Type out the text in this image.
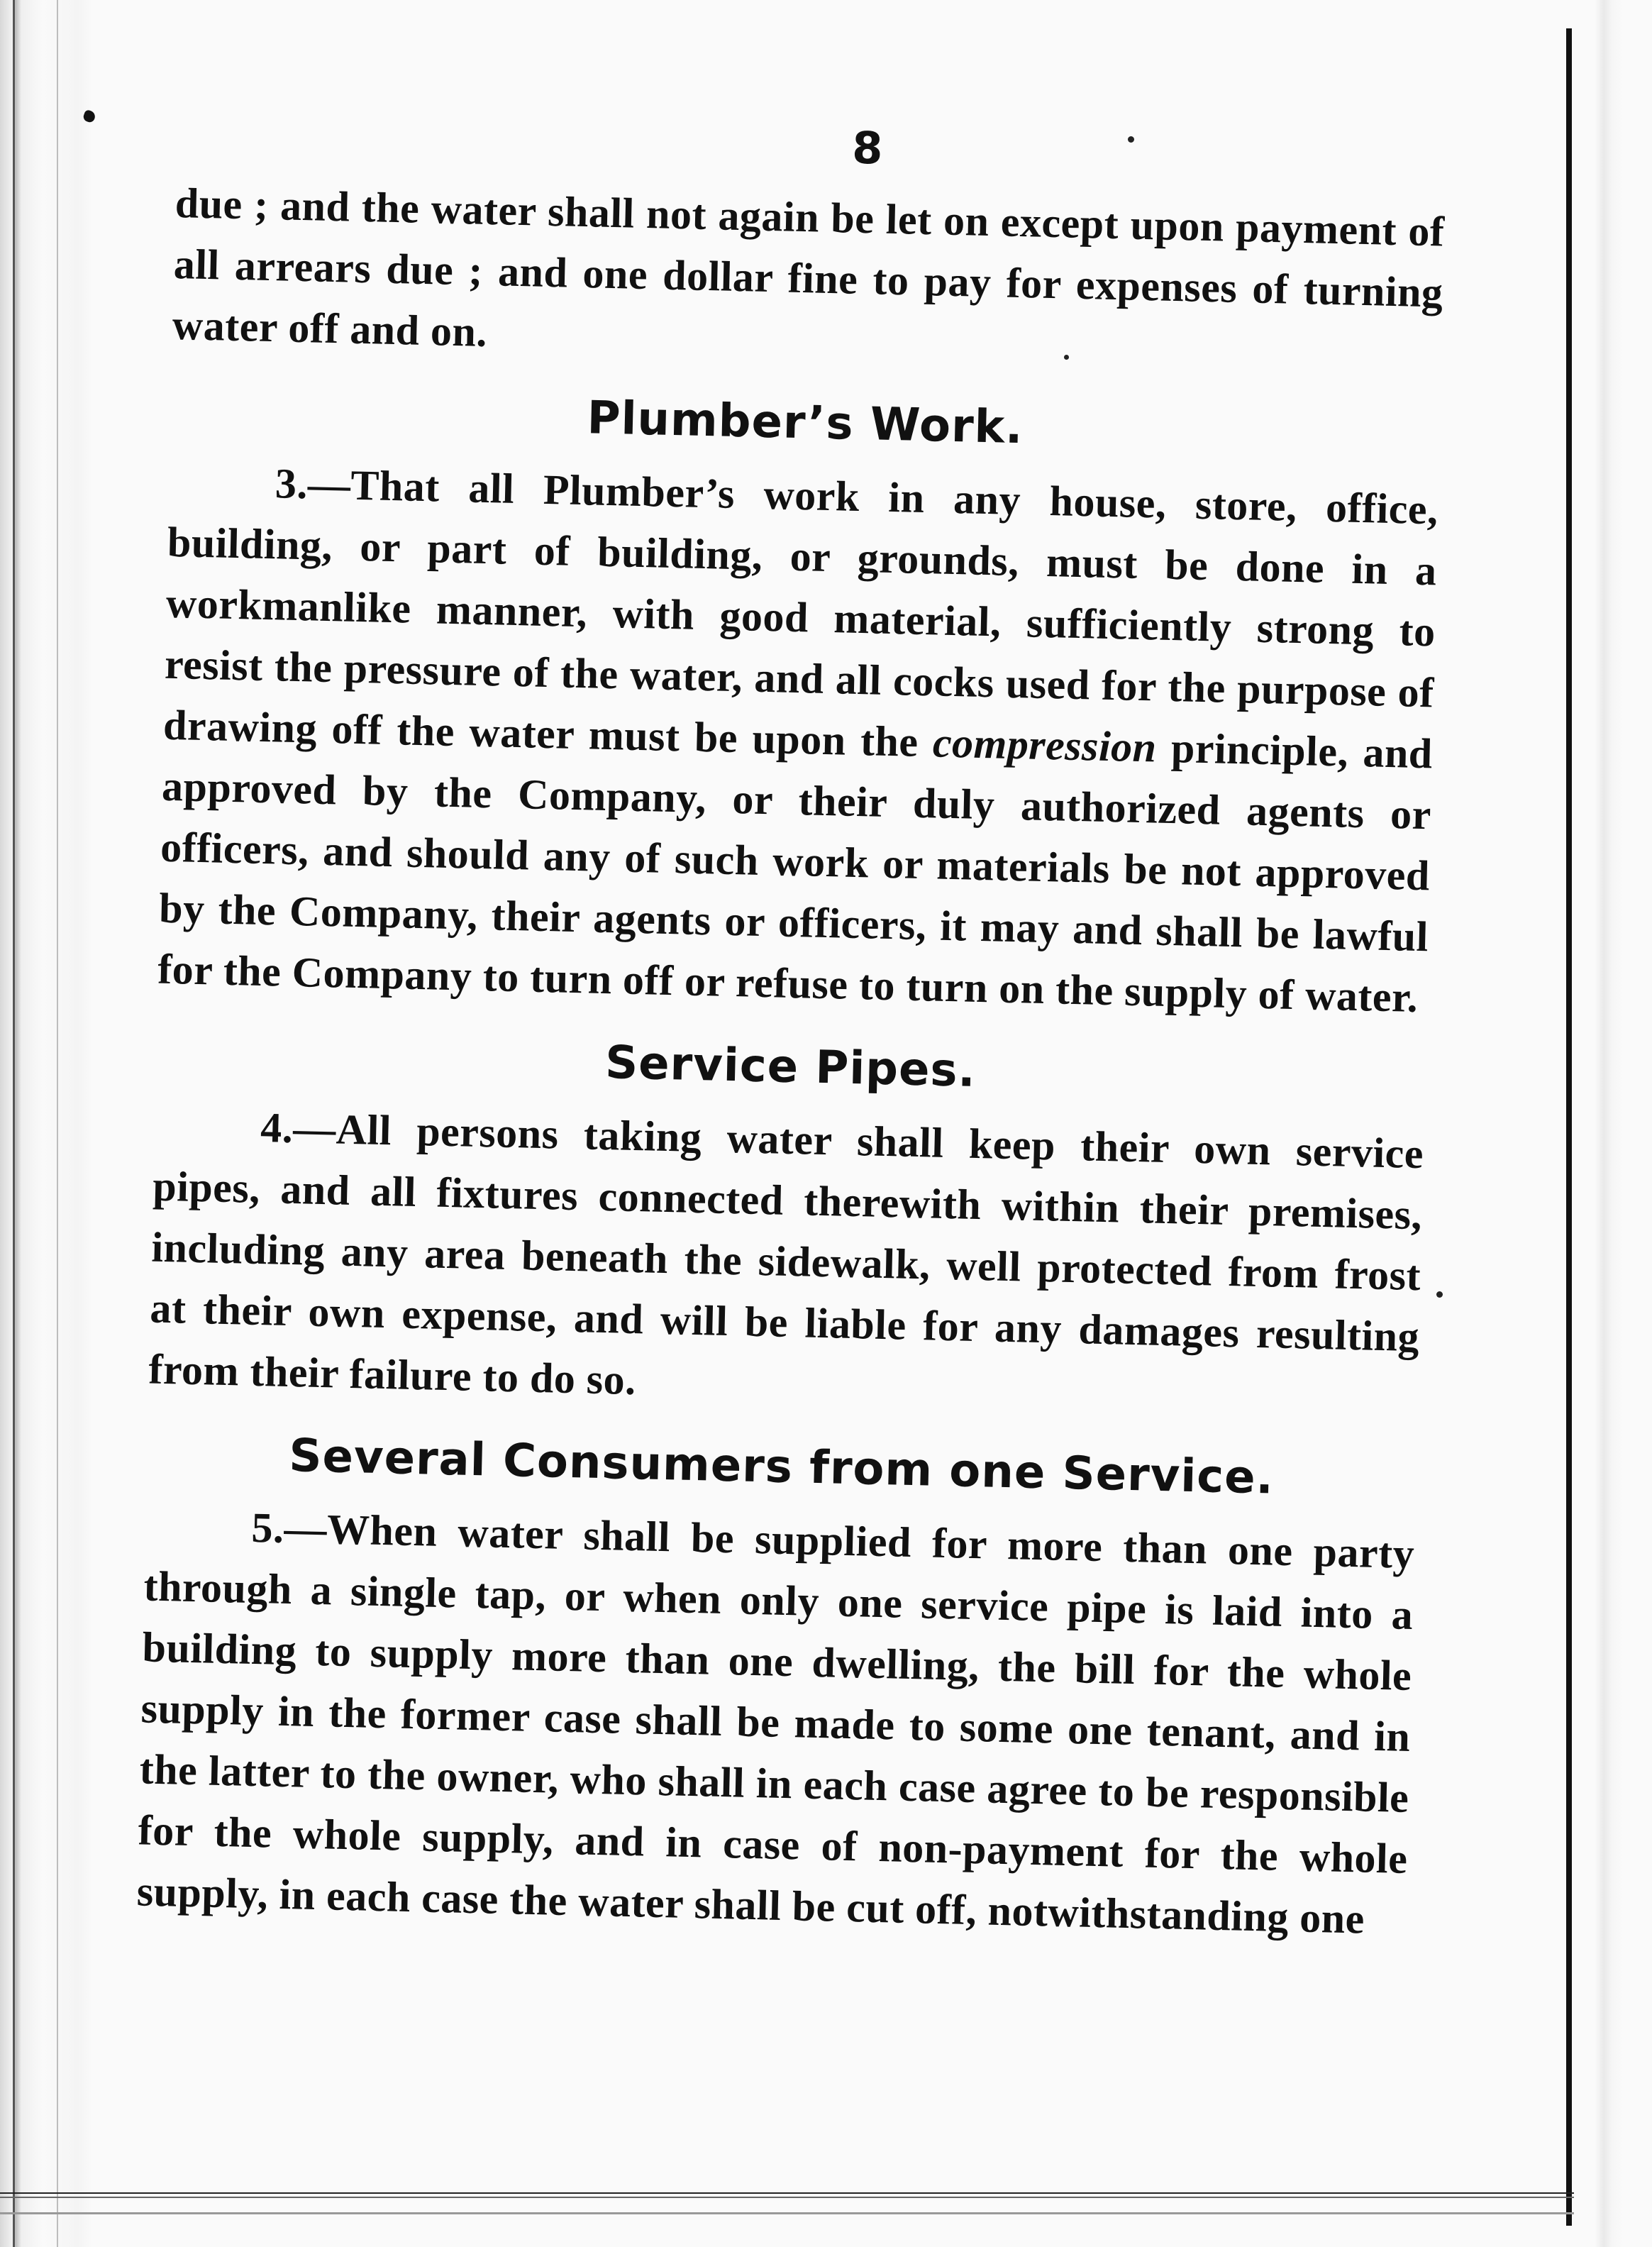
8

due ; and the water shall not again be let on except upon payment of all arrears due ; and one dollar fine to pay for expenses of turning water off and on.

Plumber’s Work.

3.—That all Plumber’s work in any house, store, office, building, or part of building, or grounds, must be done in a workmanlike manner, with good material, sufficiently strong to resist the pressure of the water, and all cocks used for the purpose of drawing off the water must be upon the compression principle, and approved by the Company, or their duly authorized agents or officers, and should any of such work or materials be not approved by the Company, their agents or officers, it may and shall be lawful for the Company to turn off or refuse to turn on the supply of water.

Service Pipes.

4.—All persons taking water shall keep their own service pipes, and all fixtures connected therewith within their premises, including any area beneath the sidewalk, well protected from frost at their own expense, and will be liable for any damages resulting from their failure to do so.

Several Consumers from one Service.

5.—When water shall be supplied for more than one party through a single tap, or when only one service pipe is laid into a building to supply more than one dwelling, the bill for the whole supply in the former case shall be made to some one tenant, and in the latter to the owner, who shall in each case agree to be responsible for the whole supply, and in case of non-payment for the whole supply, in each case the water shall be cut off, notwithstanding one
